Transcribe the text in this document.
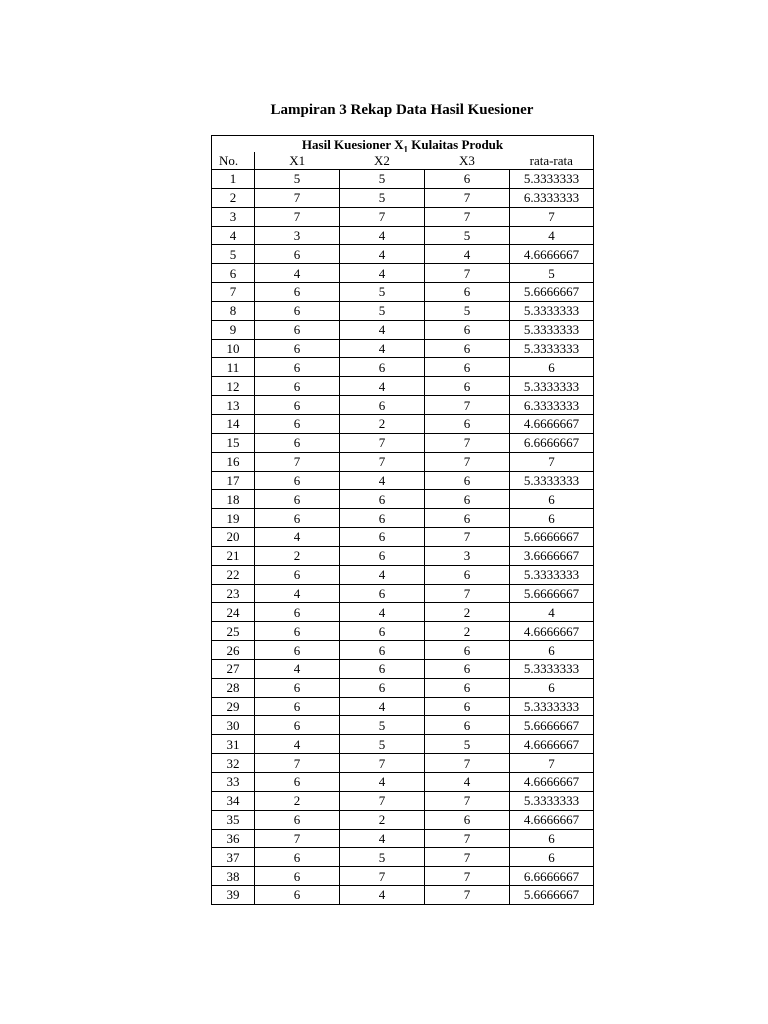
Lampiran 3 Rekap Data Hasil Kuesioner
Hasil Kuesioner $X_1$ Kulaitas Produk				
No.	X1	X2	X3	rata-rata
1	5	5	6	5.3333333
2	7	5	7	6.3333333
3	7	7	7	7
4	3	4	5	4
5	6	4	4	4.6666667
6	4	4	7	5
7	6	5	6	5.6666667
8	6	5	5	5.3333333
9	6	4	6	5.3333333
10	6	4	6	5.3333333
11	6	6	6	6
12	6	4	6	5.3333333
13	6	6	7	6.3333333
14	6	2	6	4.6666667
15	6	7	7	6.6666667
16	7	7	7	7
17	6	4	6	5.3333333
18	6	6	6	6
19	6	6	6	6
20	4	6	7	5.6666667
21	2	6	3	3.6666667
22	6	4	6	5.3333333
23	4	6	7	5.6666667
24	6	4	2	4
25	6	6	2	4.6666667
26	6	6	6	6
27	4	6	6	5.3333333
28	6	6	6	6
29	6	4	6	5.3333333
30	6	5	6	5.6666667
31	4	5	5	4.6666667
32	7	7	7	7
33	6	4	4	4.6666667
34	2	7	7	5.3333333
35	6	2	6	4.6666667
36	7	4	7	6
37	6	5	7	6
38	6	7	7	6.6666667
39	6	4	7	5.6666667
